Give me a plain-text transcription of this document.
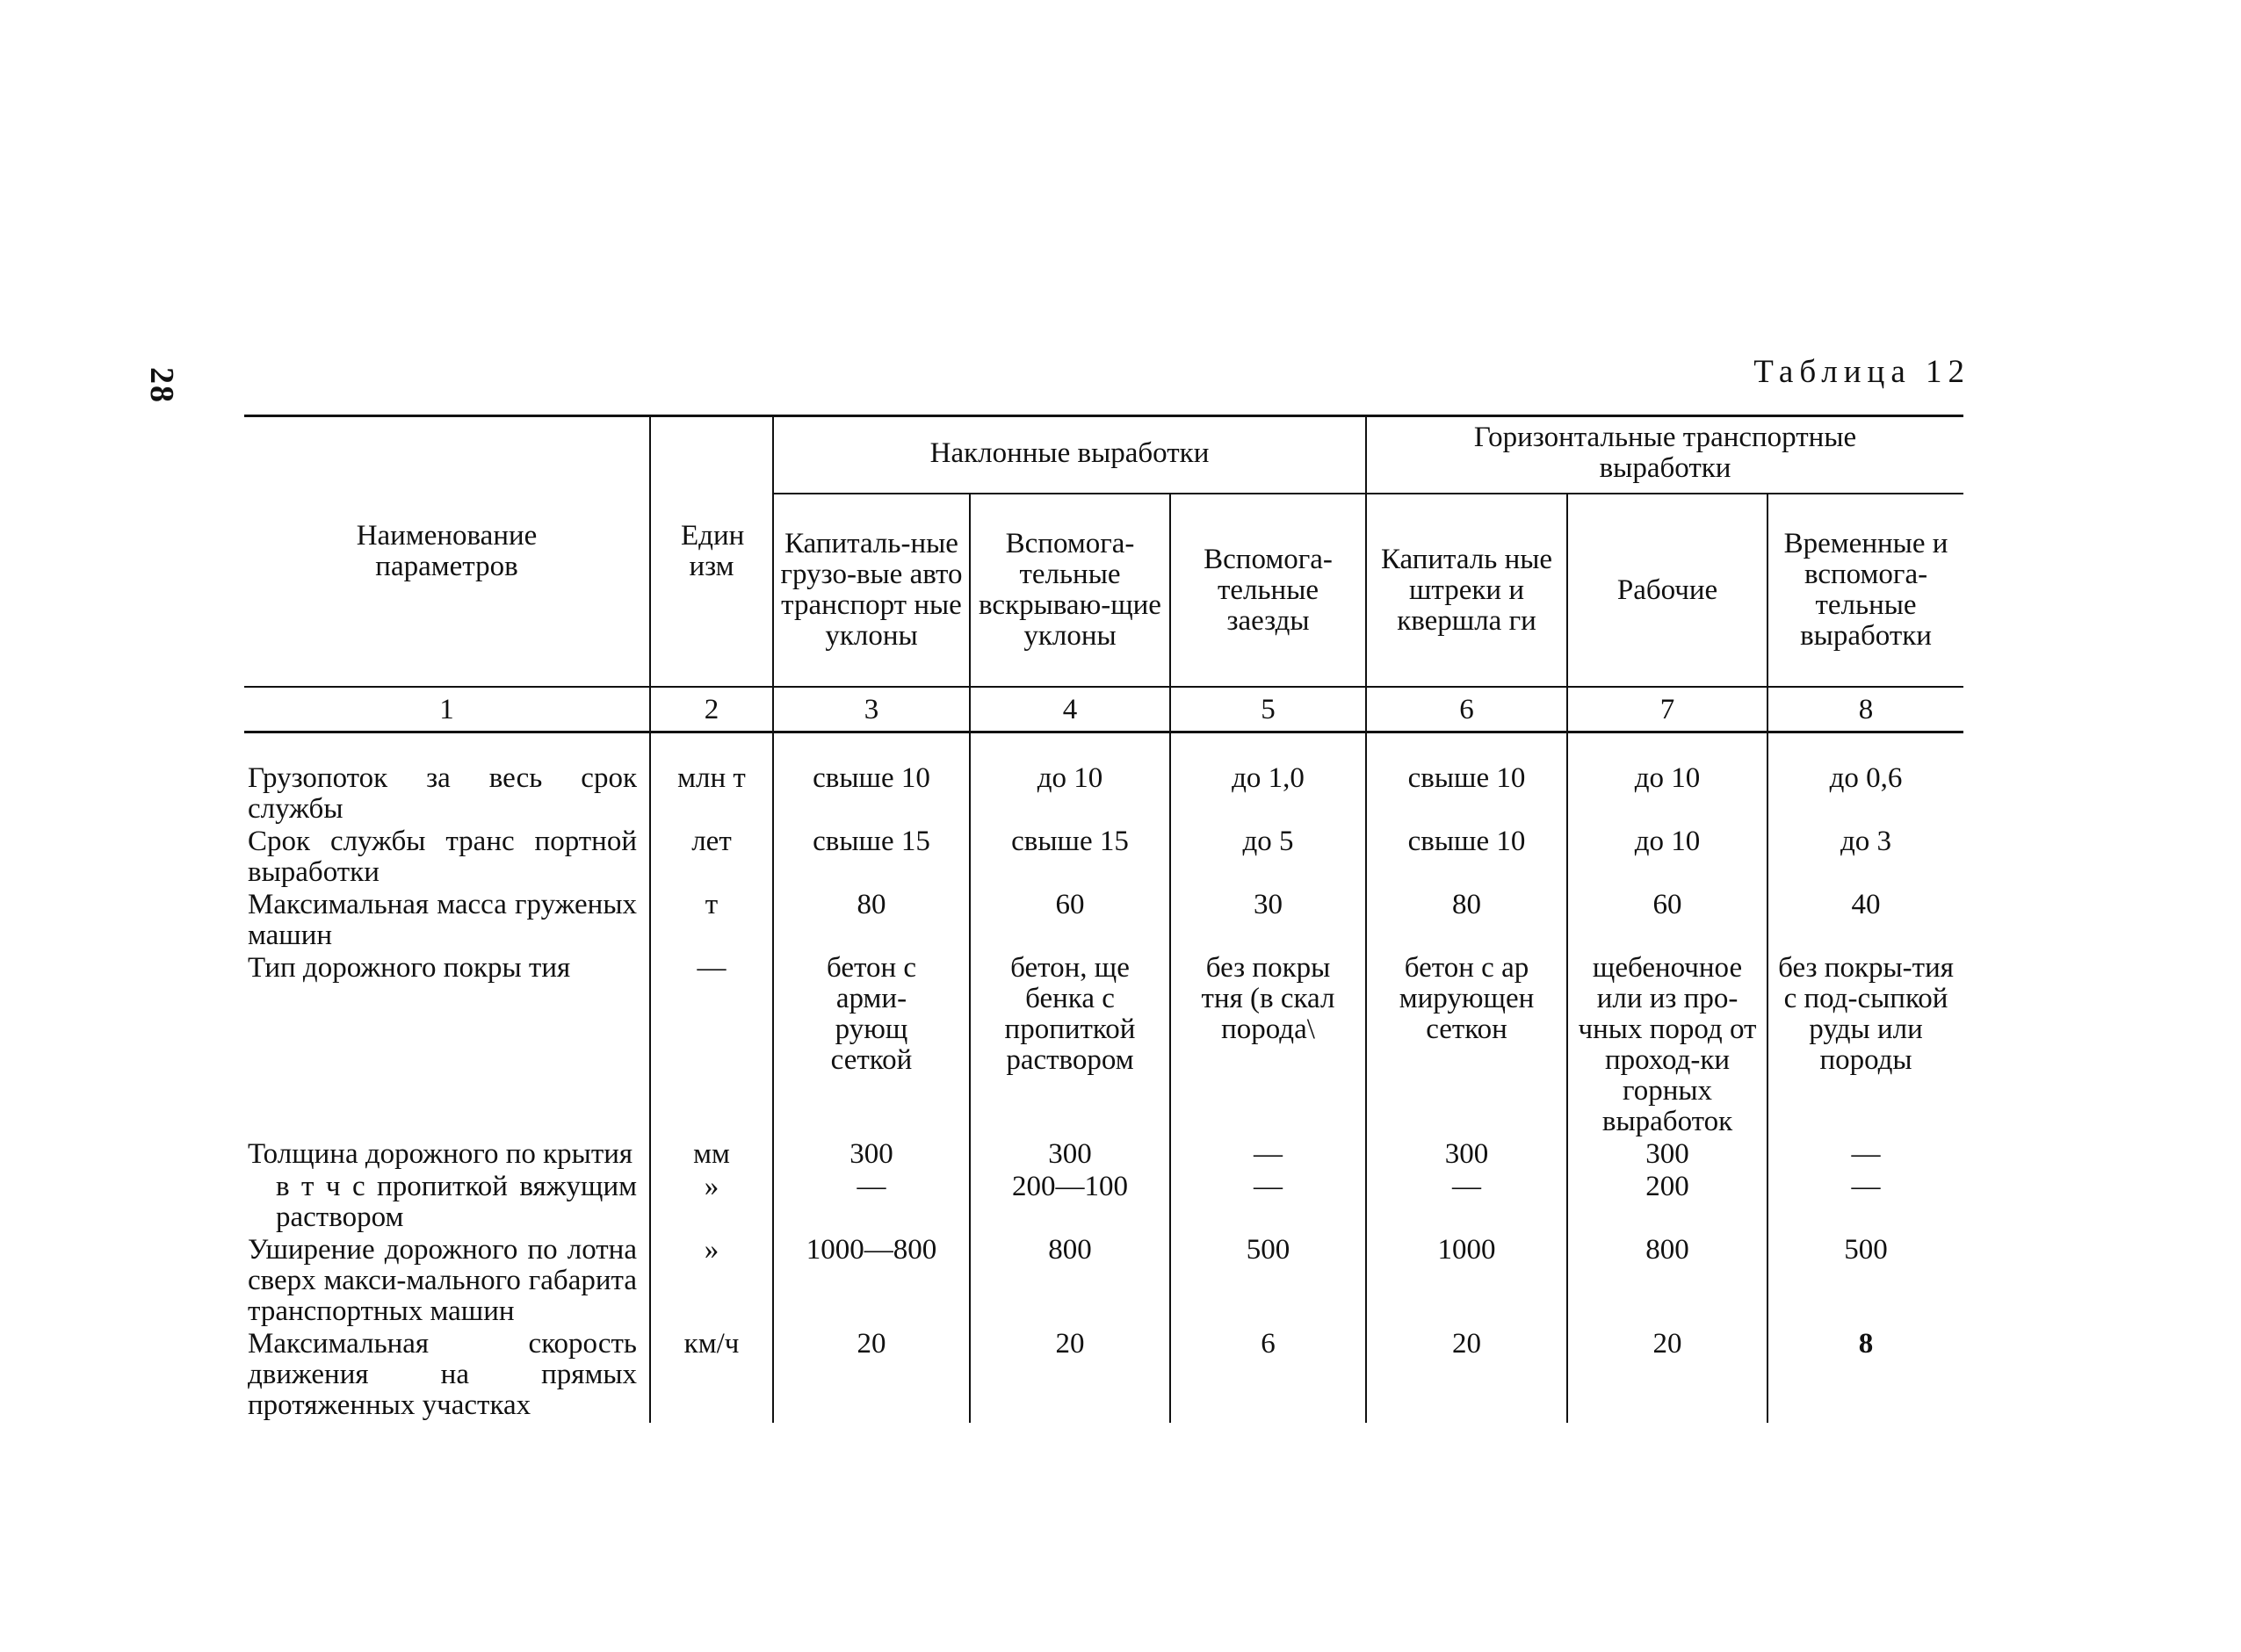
28	Таблица 12
Наименование параметров	Един изм	Наклонные выработки			Горизонтальные транспортные выработки		
		Капиталь-ные грузо-вые авто транспорт ные уклоны	Вспомога-тельные вскрываю-щие уклоны	Вспомога-тельные заезды	Капиталь ные штреки и квершла ги	Рабочие	Временные и вспомога-тельные выработки
1	2	3	4	5	6	7	8

Грузопоток за весь срок службы	млн т	свыше 10	до 10	до 1,0	свыше 10	до 10	до 0,6
Срок службы транс портной выработки	лет	свыше 15	свыше 15	до 5	свыше 10	до 10	до 3
Максимальная масса груженых машин	т	80	60	30	80	60	40
Тип дорожного покры тия	—	бетон с арми-рующ сеткой	бетон, ще бенка с пропиткой раствором	без покры тня (в скал порода\	бетон с ар мирующен сеткон	щебеночное или из про-чных пород от проход-ки горных выработок	без покры-тия с под-сыпкой руды или породы
Толщина дорожного по крытия	мм	300	300	—	300	300	—

в т ч с пропиткой вяжущим раствором	»	—	200—100	—	—	200	—
Уширение дорожного по лотна сверх макси-мального габарита транспортных машин	»	1000—800	800	500	1000	800	500
Максимальная скорость движения на прямых протяженных участках	км/ч	20	20	6	20	20	8
